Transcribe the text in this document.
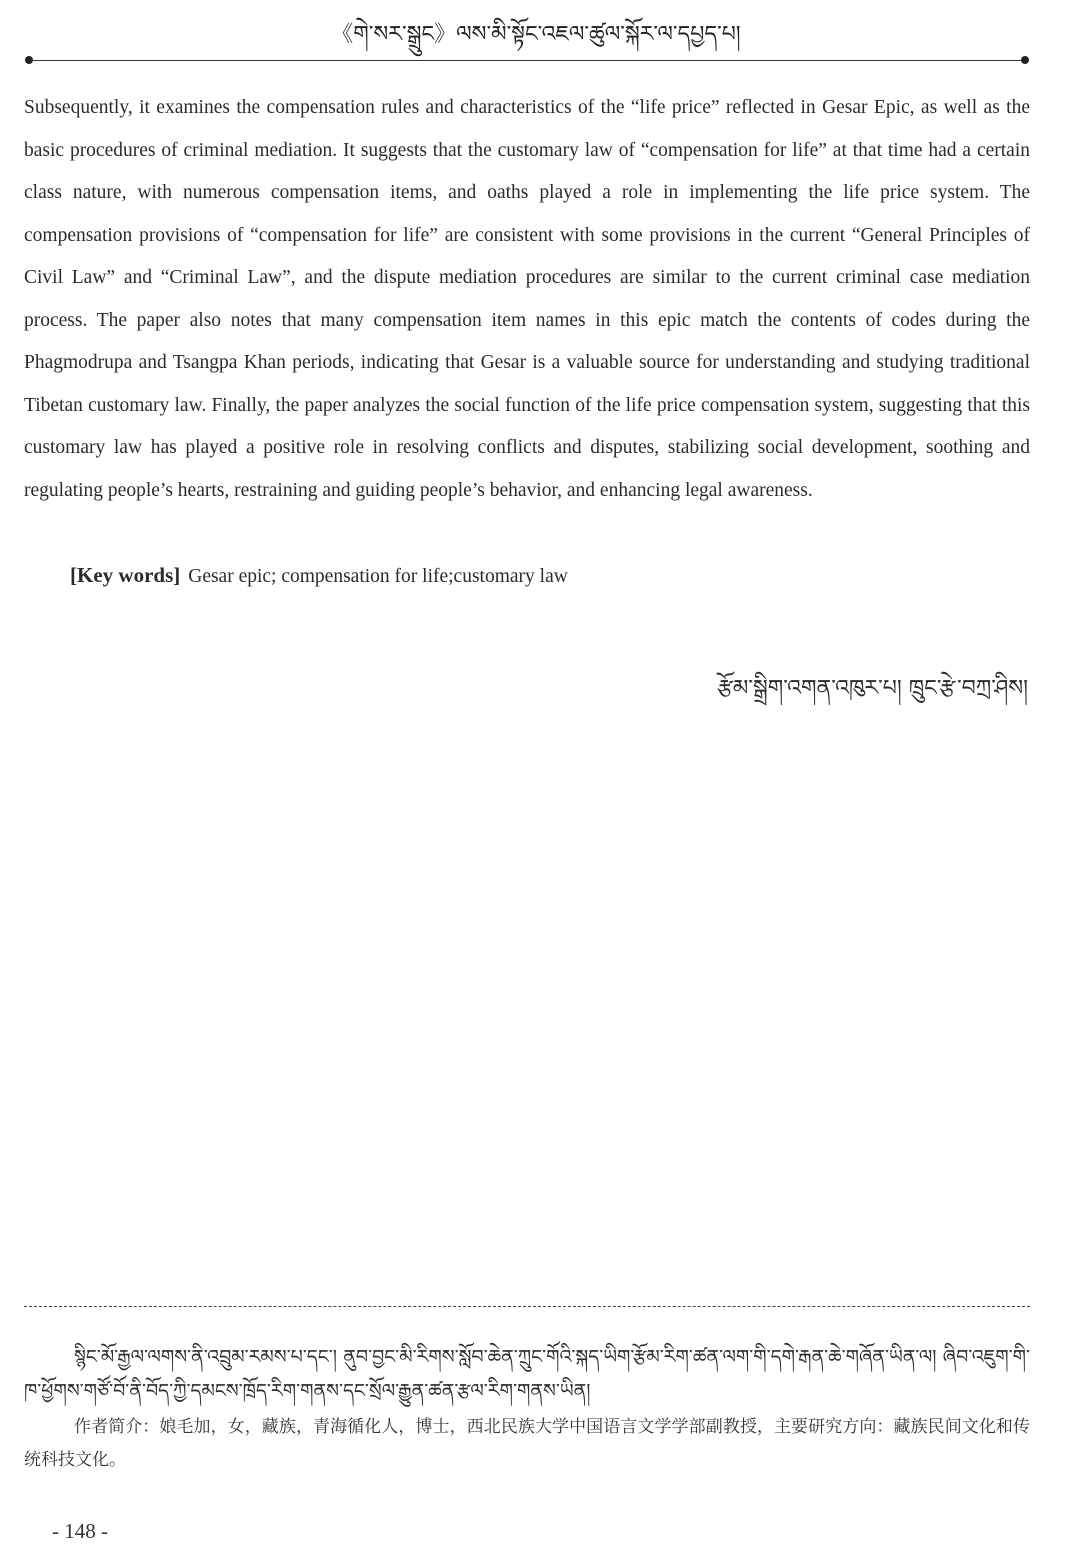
《གེ་སར་སྒྲུང》ལས་མི་སྟོང་འཇལ་ཚུལ་སྐོར་ལ་དཔྱད་པ།

Subsequently, it examines the compensation rules and characteristics of the “life price” reflected in Gesar Epic, as well as the basic procedures of criminal mediation. It suggests that the customary law of “compensation for life” at that time had a certain class nature, with numerous compensation items, and oaths played a role in implementing the life price system. The compensation provisions of “compensation for life” are consistent with some provisions in the current “General Principles of Civil Law” and “Criminal Law”, and the dispute mediation procedures are similar to the current criminal case mediation process. The paper also notes that many compensation item names in this epic match the contents of codes during the Phagmodrupa and Tsangpa Khan periods, indicating that Gesar is a valuable source for understanding and studying traditional Tibetan customary law. Finally, the paper analyzes the social function of the life price compensation system, suggesting that this customary law has played a positive role in resolving conflicts and disputes, stabilizing social development, soothing and regulating people’s hearts, restraining and guiding people’s behavior, and enhancing legal awareness.

[Key words] Gesar epic; compensation for life;customary law
རྩོམ་སྒྲིག་འགན་འཁུར་པ། ཁྲུང་རྩེ་བཀྲ་ཤིས།

སྙིང་མོ་རྒྱལ་ལགས་ནི་འབྲུམ་རམས་པ་དང་། ནུབ་བྱང་མི་རིགས་སློབ་ཆེན་ཀྲུང་གོའི་སྐད་ཡིག་རྩོམ་རིག་ཚན་ལག་གི་དགེ་རྒན་ཆེ་གཞོན་ཡིན་ལ། ཞིབ་འཇུག་གི་ཁ་ཕྱོགས་གཙོ་བོ་ནི་བོད་ཀྱི་དམངས་ཁྲོད་རིག་གནས་དང་སྲོལ་རྒྱུན་ཚན་རྩལ་རིག་གནས་ཡིན།

作者简介：娘毛加，女，藏族，青海循化人，博士，西北民族大学中国语言文学学部副教授，主要研究方向：藏族民间文化和传统科技文化。

- 148 -
